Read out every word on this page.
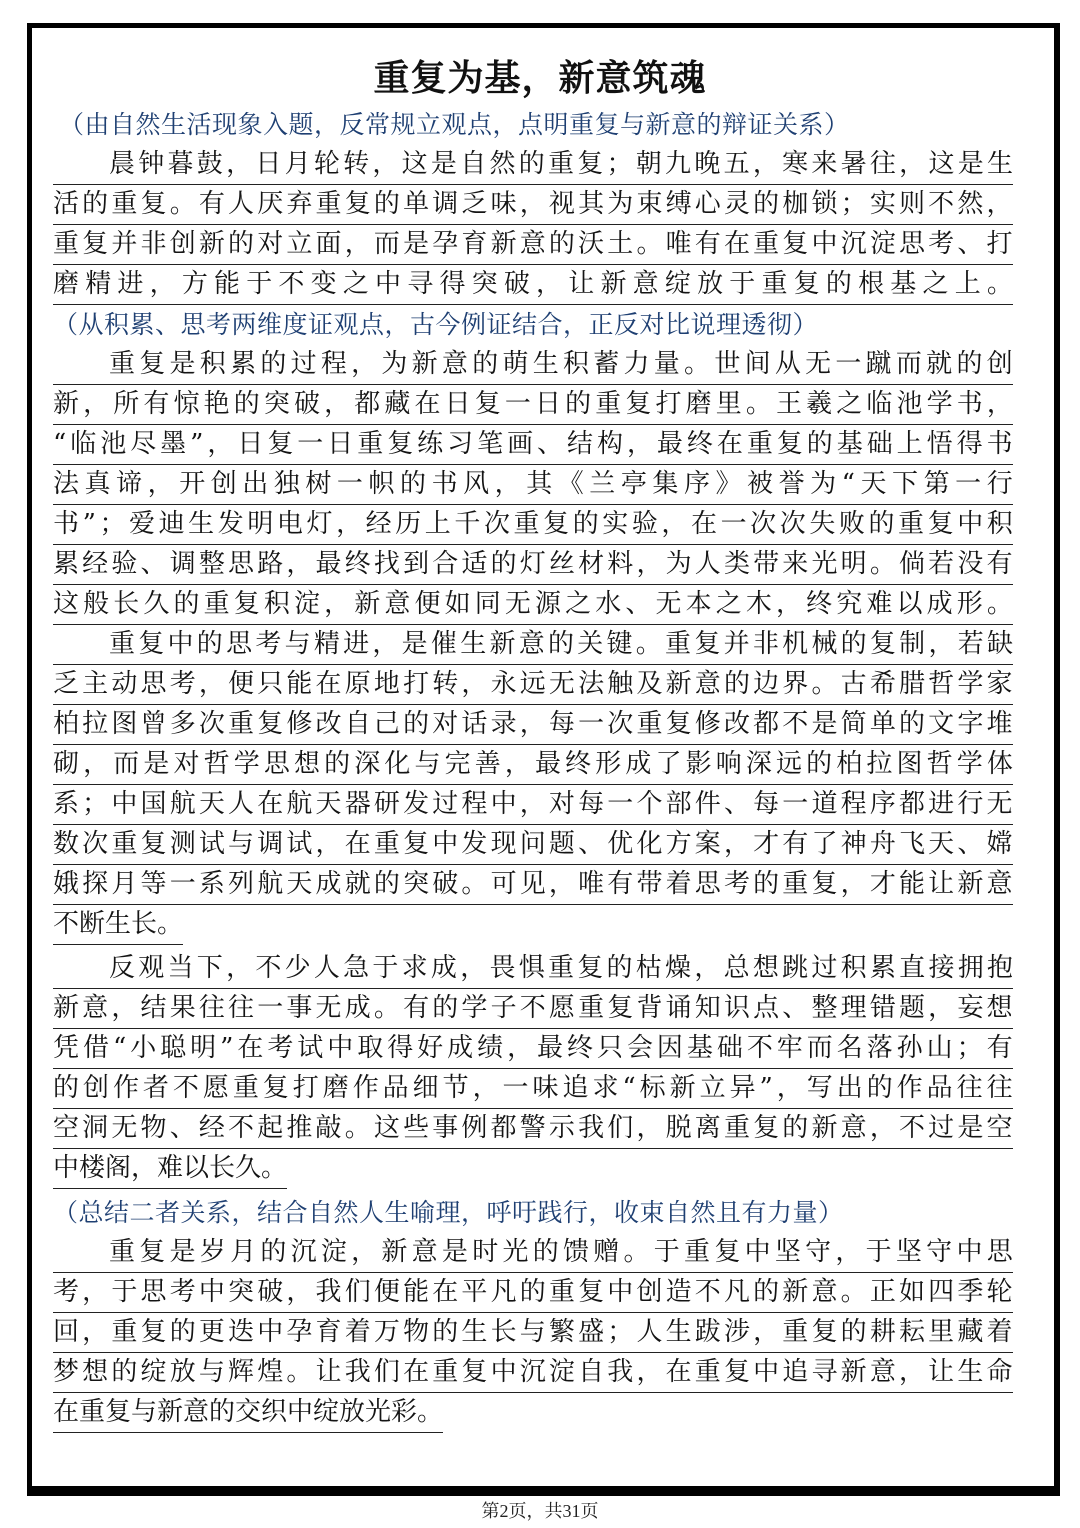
重复为基，新意筑魂
（由自然生活现象入题，反常规立观点，点明重复与新意的辩证关系）
晨 钟 暮 鼓 ， 日 月 轮 转 ， 这 是 自 然 的 重 复 ； 朝 九 晚 五 ， 寒 来 暑 往 ， 这 是 生
活 的 重 复 。 有 人 厌 弃 重 复 的 单 调 乏 味 ， 视 其 为 束 缚 心 灵 的 枷 锁 ； 实 则 不 然 ，
重 复 并 非 创 新 的 对 立 面 ， 而 是 孕 育 新 意 的 沃 土 。 唯 有 在 重 复 中 沉 淀 思 考 、 打
磨 精 进 ， 方 能 于 不 变 之 中 寻 得 突 破 ， 让 新 意 绽 放 于 重 复 的 根 基 之 上 。
（从积累、思考两维度证观点，古今例证结合，正反对比说理透彻）
重 复 是 积 累 的 过 程 ， 为 新 意 的 萌 生 积 蓄 力 量 。 世 间 从 无 一 蹴 而 就 的 创
新 ， 所 有 惊 艳 的 突 破 ， 都 藏 在 日 复 一 日 的 重 复 打 磨 里 。 王 羲 之 临 池 学 书 ，
“ 临 池 尽 墨 ” ， 日 复 一 日 重 复 练 习 笔 画 、 结 构 ， 最 终 在 重 复 的 基 础 上 悟 得 书
法 真 谛 ， 开 创 出 独 树 一 帜 的 书 风 ， 其 《 兰 亭 集 序 》 被 誉 为 “ 天 下 第 一 行
书 ” ； 爱 迪 生 发 明 电 灯 ， 经 历 上 千 次 重 复 的 实 验 ， 在 一 次 次 失 败 的 重 复 中 积
累 经 验 、 调 整 思 路 ， 最 终 找 到 合 适 的 灯 丝 材 料 ， 为 人 类 带 来 光 明 。 倘 若 没 有
这 般 长 久 的 重 复 积 淀 ， 新 意 便 如 同 无 源 之 水 、 无 本 之 木 ， 终 究 难 以 成 形 。
重 复 中 的 思 考 与 精 进 ， 是 催 生 新 意 的 关 键 。 重 复 并 非 机 械 的 复 制 ， 若 缺
乏 主 动 思 考 ， 便 只 能 在 原 地 打 转 ， 永 远 无 法 触 及 新 意 的 边 界 。 古 希 腊 哲 学 家
柏 拉 图 曾 多 次 重 复 修 改 自 己 的 对 话 录 ， 每 一 次 重 复 修 改 都 不 是 简 单 的 文 字 堆
砌 ， 而 是 对 哲 学 思 想 的 深 化 与 完 善 ， 最 终 形 成 了 影 响 深 远 的 柏 拉 图 哲 学 体
系 ； 中 国 航 天 人 在 航 天 器 研 发 过 程 中 ， 对 每 一 个 部 件 、 每 一 道 程 序 都 进 行 无
数 次 重 复 测 试 与 调 试 ， 在 重 复 中 发 现 问 题 、 优 化 方 案 ， 才 有 了 神 舟 飞 天 、 嫦
娥 探 月 等 一 系 列 航 天 成 就 的 突 破 。 可 见 ， 唯 有 带 着 思 考 的 重 复 ， 才 能 让 新 意
不断生长。
反 观 当 下 ， 不 少 人 急 于 求 成 ， 畏 惧 重 复 的 枯 燥 ， 总 想 跳 过 积 累 直 接 拥 抱
新 意 ， 结 果 往 往 一 事 无 成 。 有 的 学 子 不 愿 重 复 背 诵 知 识 点 、 整 理 错 题 ， 妄 想
凭 借 “ 小 聪 明 ” 在 考 试 中 取 得 好 成 绩 ， 最 终 只 会 因 基 础 不 牢 而 名 落 孙 山 ； 有
的 创 作 者 不 愿 重 复 打 磨 作 品 细 节 ， 一 味 追 求 “ 标 新 立 异 ” ， 写 出 的 作 品 往 往
空 洞 无 物 、 经 不 起 推 敲 。 这 些 事 例 都 警 示 我 们 ， 脱 离 重 复 的 新 意 ， 不 过 是 空
中楼阁，难以长久。
（总结二者关系，结合自然人生喻理，呼吁践行，收束自然且有力量）
重 复 是 岁 月 的 沉 淀 ， 新 意 是 时 光 的 馈 赠 。 于 重 复 中 坚 守 ， 于 坚 守 中 思
考 ， 于 思 考 中 突 破 ， 我 们 便 能 在 平 凡 的 重 复 中 创 造 不 凡 的 新 意 。 正 如 四 季 轮
回 ， 重 复 的 更 迭 中 孕 育 着 万 物 的 生 长 与 繁 盛 ； 人 生 跋 涉 ， 重 复 的 耕 耘 里 藏 着
梦 想 的 绽 放 与 辉 煌 。 让 我 们 在 重 复 中 沉 淀 自 我 ， 在 重 复 中 追 寻 新 意 ， 让 生 命
在重复与新意的交织中绽放光彩。
第2页，共31页
